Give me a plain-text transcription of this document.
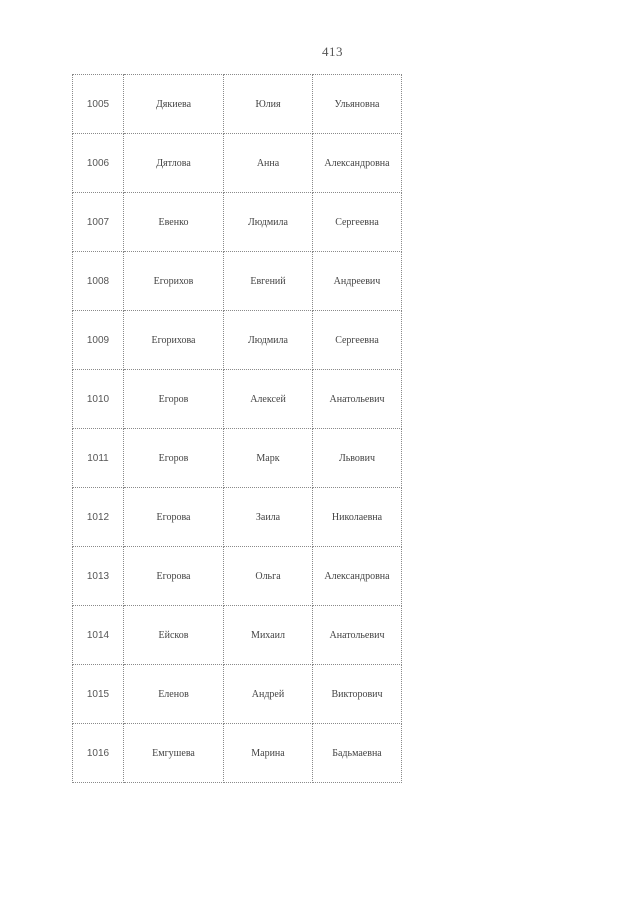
413
1005	Дякиева	Юлия	Ульяновна
1006	Дятлова	Анна	Александровна
1007	Евенко	Людмила	Сергеевна
1008	Егорихов	Евгений	Андреевич
1009	Егорихова	Людмила	Сергеевна
1010	Егоров	Алексей	Анатольевич
1011	Егоров	Марк	Львович
1012	Егорова	Заила	Николаевна
1013	Егорова	Ольга	Александровна
1014	Ейсков	Михаил	Анатольевич
1015	Еленов	Андрей	Викторович
1016	Емгушева	Марина	Бадьмаевна
